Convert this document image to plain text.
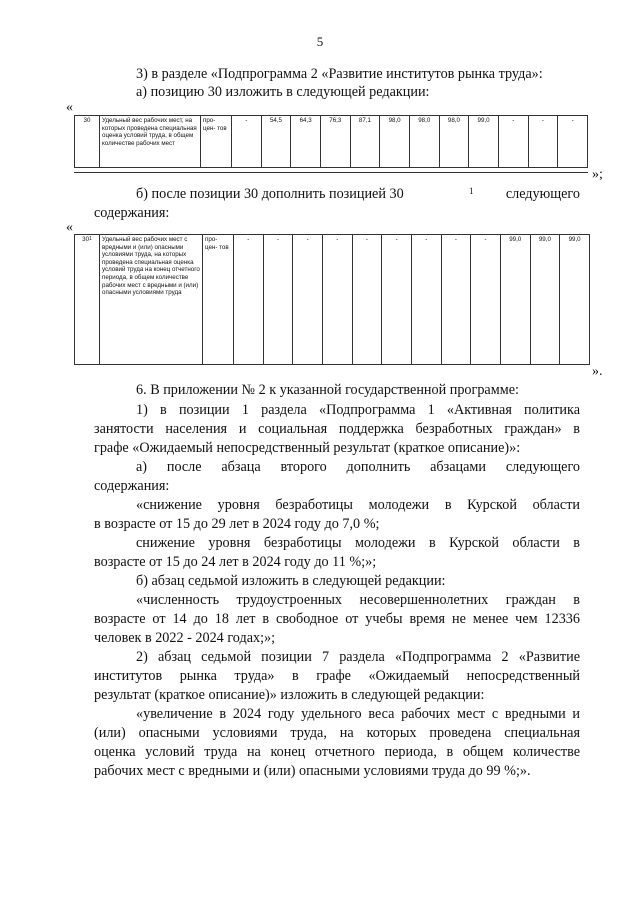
5
3) в разделе «Подпрограмма 2 «Развитие институтов рынка труда»:
а) позицию 30 изложить в следующей редакции:
«
30	Удельный вес рабочих мест, на которых проведена специальная оценка условий труда, в общем количестве рабочих мест	про- цен- тов	-	54,5	64,3	76,3	87,1	98,0	98,0	98,0	99,0	-	-	-
»;
б) после позиции 30 дополнить позицией 30	1 следующего
содержания:
«
$30^1$	Удельный вес рабочих мест с вредными и (или) опасными условиями труда, на которых проведена специальная оценка условий труда на конец отчетного периода, в общем количестве рабочих мест с вредными и (или) опасными условиями труда	про- цен- тов	-	-	-	-	-	-	-	-	-	99,0	99,0	99,0
».
6. В приложении № 2 к указанной государственной программе:
1) в позиции 1 раздела «Подпрограмма 1 «Активная политика
занятости населения и социальная поддержка безработных граждан» в
графе «Ожидаемый непосредственный результат (краткое описание)»:
а) после абзаца второго дополнить абзацами следующего
содержания:
«снижение уровня безработицы молодежи в Курской области
в возрасте от 15 до 29 лет в 2024 году до 7,0 %;
снижение уровня безработицы молодежи в Курской области в
возрасте от 15 до 24 лет в 2024 году до 11 %;»;
б) абзац седьмой изложить в следующей редакции:
«численность трудоустроенных несовершеннолетних граждан в
возрасте от 14 до 18 лет в свободное от учебы время не менее чем 12336
человек в 2022 - 2024 годах;»;
2) абзац седьмой позиции 7 раздела «Подпрограмма 2 «Развитие
институтов рынка труда» в графе «Ожидаемый непосредственный
результат (краткое описание)» изложить в следующей редакции:
«увеличение в 2024 году удельного веса рабочих мест с вредными и
(или) опасными условиями труда, на которых проведена специальная
оценка условий труда на конец отчетного периода, в общем количестве
рабочих мест с вредными и (или) опасными условиями труда до 99 %;».
